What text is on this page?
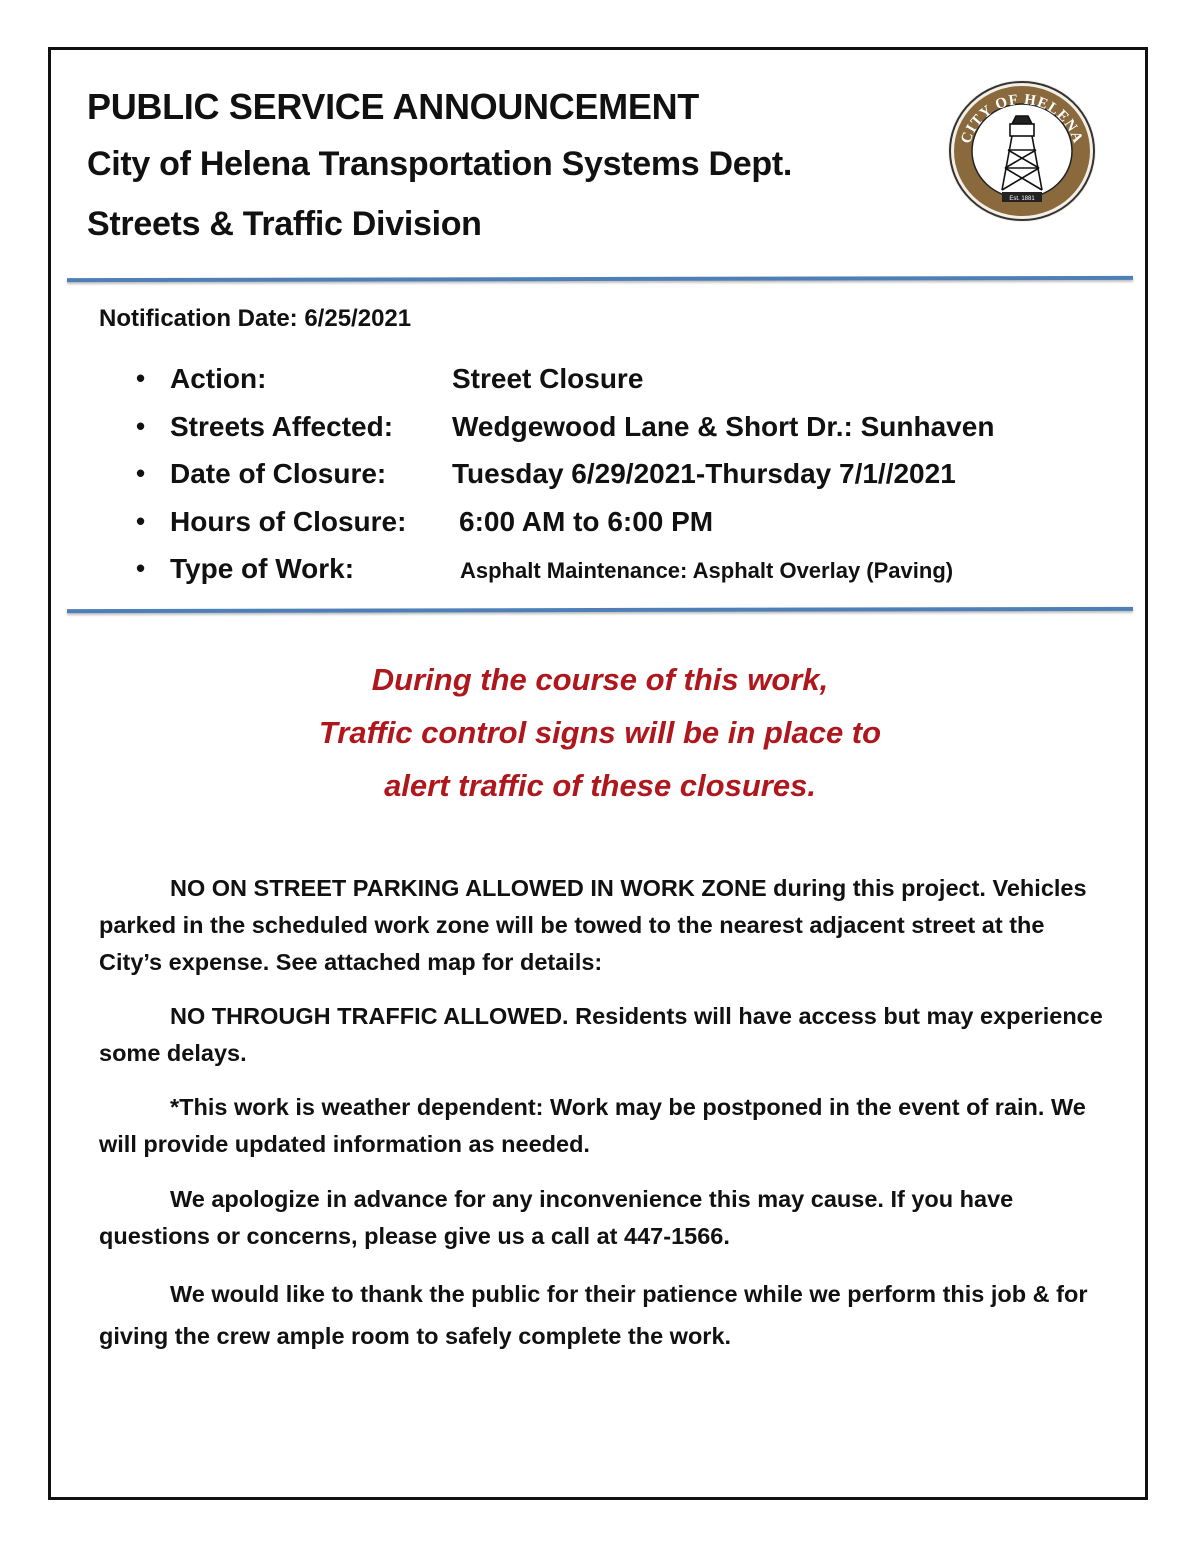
PUBLIC SERVICE ANNOUNCEMENT
City of Helena Transportation Systems Dept.
Streets & Traffic Division
CITY OF HELENA
Est. 1881
Notification Date: 6/25/2021
• Action:	Street Closure
• Streets Affected: Wedgewood Lane & Short Dr.: Sunhaven
• Date of Closure: Tuesday 6/29/2021-Thursday 7/1//2021
• Hours of Closure: 6:00 AM to 6:00 PM
• Type of Work:	Asphalt Maintenance: Asphalt Overlay (Paving)
During the course of this work,
Traffic control signs will be in place to
alert traffic of these closures.
NO ON STREET PARKING ALLOWED IN WORK ZONE during this project. Vehicles parked in the scheduled work zone will be towed to the nearest adjacent street at the City’s expense. See attached map for details:
NO THROUGH TRAFFIC ALLOWED. Residents will have access but may experience some delays.
*This work is weather dependent: Work may be postponed in the event of rain. We will provide updated information as needed.
We apologize in advance for any inconvenience this may cause. If you have questions or concerns, please give us a call at 447-1566.
We would like to thank the public for their patience while we perform this job & for giving the crew ample room to safely complete the work.
